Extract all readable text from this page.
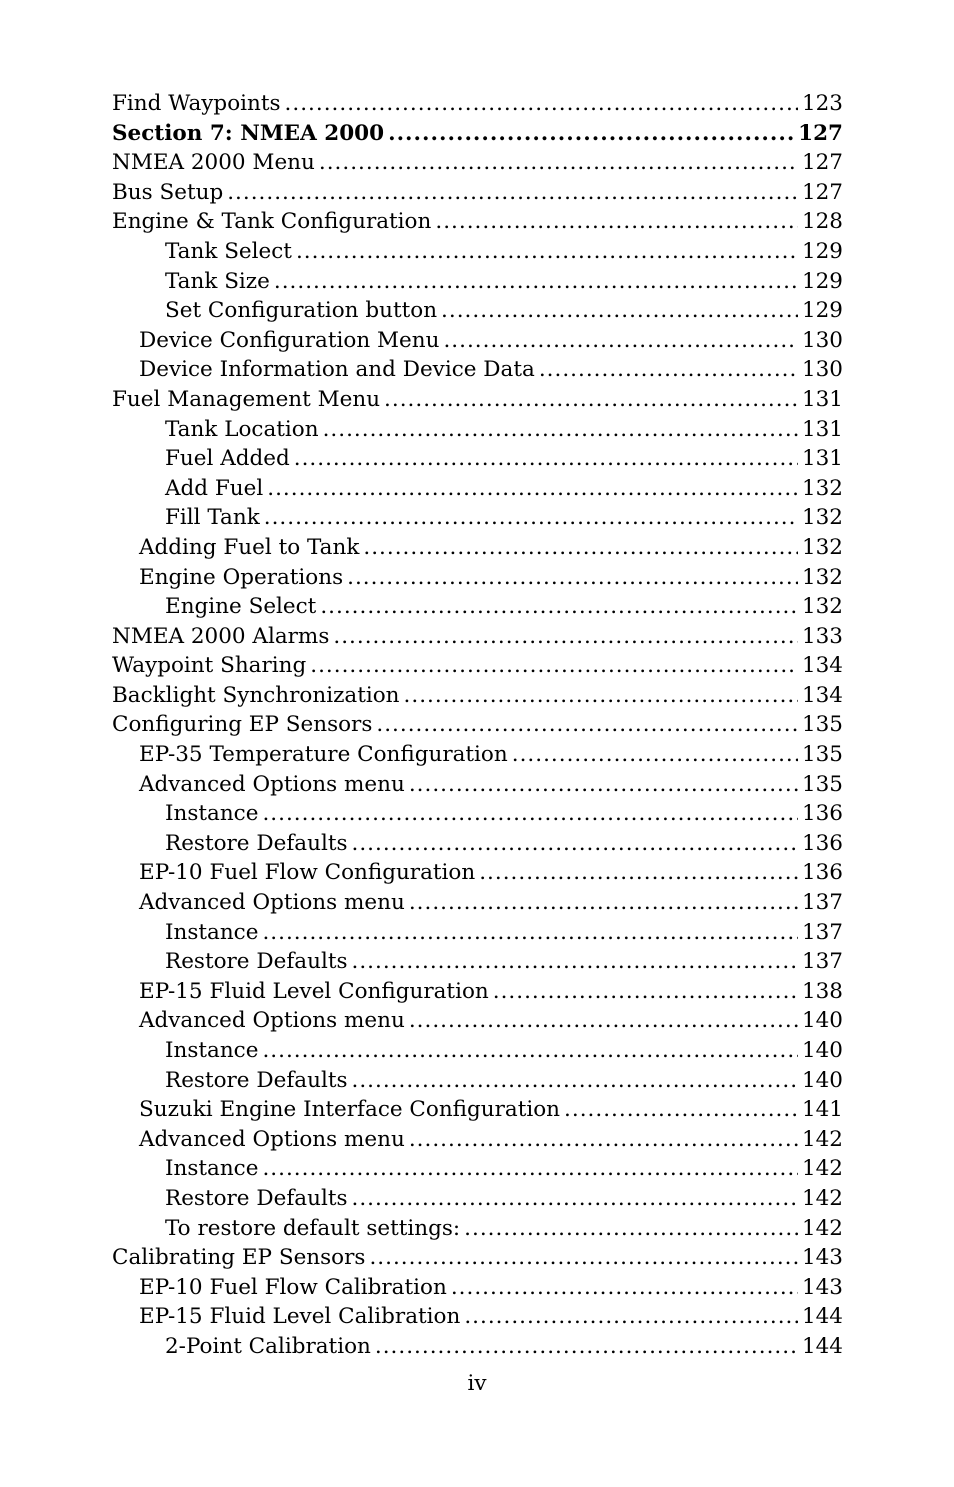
Find Waypoints .....	123
Section 7: NMEA 2000 .....	127
NMEA 2000 Menu .....	127
Bus Setup .....	127
Engine & Tank Configuration .....	128
Tank Select .....	129
Tank Size .....	129
Set Configuration button .....	129
Device Configuration Menu .....	130
Device Information and Device Data .....	130
Fuel Management Menu .....	131
Tank Location .....	131
Fuel Added .....	131
Add Fuel .....	132
Fill Tank .....	132
Adding Fuel to Tank .....	132
Engine Operations .....	132
Engine Select .....	132
NMEA 2000 Alarms .....	133
Waypoint Sharing .....	134
Backlight Synchronization .....	134
Configuring EP Sensors .....	135
EP-35 Temperature Configuration .....	135
Advanced Options menu .....	135
Instance .....	136
Restore Defaults .....	136
EP-10 Fuel Flow Configuration .....	136
Advanced Options menu .....	137
Instance .....	137
Restore Defaults .....	137
EP-15 Fluid Level Configuration .....	138
Advanced Options menu .....	140
Instance .....	140
Restore Defaults .....	140
Suzuki Engine Interface Configuration .....	141
Advanced Options menu .....	142
Instance .....	142
Restore Defaults .....	142
To restore default settings: .....	142
Calibrating EP Sensors .....	143
EP-10 Fuel Flow Calibration .....	143
EP-15 Fluid Level Calibration .....	144
2-Point Calibration .....	144
iv
